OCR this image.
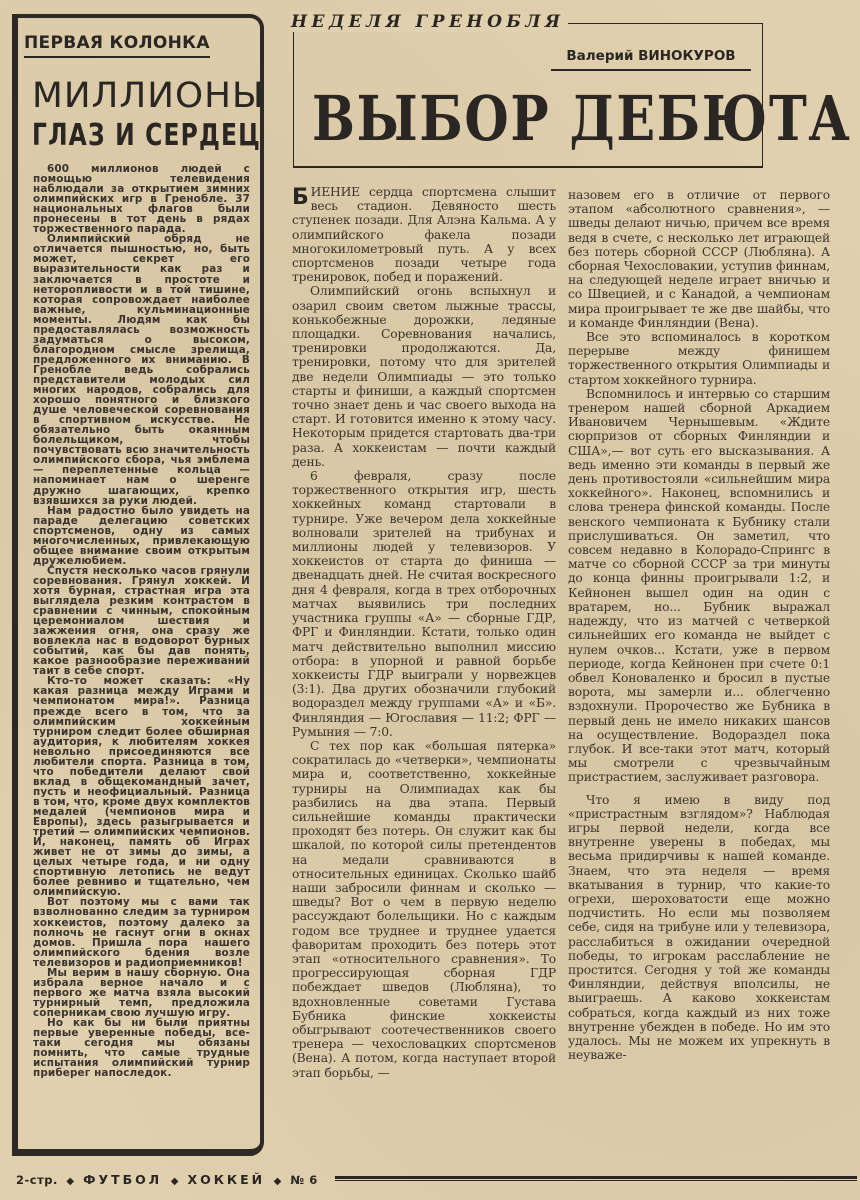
ПЕРВАЯ КОЛОНКА
МИЛЛИОНЫ
ГЛАЗ И СЕРДЕЦ

600 миллионов людей с помощью телевидения наблюдали за открытием зимних олимпийских игр в Гренобле. 37 национальных флагов были пронесены в тот день в рядах торжественного парада.

Олимпийский обряд не отличается пышностью, но, быть может, секрет его выразительности как раз и заключается в простоте и неторопливости и в той тишине, которая сопровождает наиболее важные, кульминационные моменты. Людям как бы предоставлялась возможность задуматься о высоком, благородном смысле зрелища, предложенного их вниманию. В Гренобле ведь собрались представители молодых сил многих народов, собрались для хорошо понятного и близкого душе человеческой соревнования в спортивном искусстве. Не обязательно быть окаянным болельщиком, чтобы почувствовать всю значительность олимпийского сбора, чья эмблема — переплетенные кольца — напоминает нам о шеренге дружно шагающих, крепко взявшихся за руки людей.

Нам радостно было увидеть на параде делегацию советских спортсменов, одну из самых многочисленных, привлекающую общее внимание своим открытым дружелюбием.

Спустя несколько часов грянули соревнования. Грянул хоккей. И хотя бурная, страстная игра эта выглядела резким контрастом в сравнении с чинным, спокойным церемониалом шествия и зажжения огня, она сразу же вовлекла нас в водоворот бурных событий, как бы дав понять, какое разнообразие переживаний таит в себе спорт.

Кто-то может сказать: «Ну какая разница между Играми и чемпионатом мира!». Разница прежде всего в том, что за олимпийским хоккейным турниром следит более обширная аудитория, к любителям хоккея невольно присоединяются все любители спорта. Разница в том, что победители делают свой вклад в общекомандный зачет, пусть и неофициальный. Разница в том, что, кроме двух комплектов медалей (чемпионов мира и Европы), здесь разыгрывается и третий — олимпийских чемпионов. И, наконец, память об Играх живет не от зимы до зимы, а целых четыре года, и ни одну спортивную летопись не ведут более ревниво и тщательно, чем олимпийскую.

Вот поэтому мы с вами так взволнованно следим за турниром хоккеистов, поэтому далеко за полночь не гаснут огни в окнах домов. Пришла пора нашего олимпийского бдения возле телевизоров и радиоприемников!

Мы верим в нашу сборную. Она избрала верное начало и с первого же матча взяла высокий турнирный темп, предложила соперникам свою лучшую игру.

Но как бы ни были приятны первые уверенные победы, все-таки сегодня мы обязаны помнить, что самые трудные испытания олимпийский турнир приберег напоследок.

НЕДЕЛЯ ГРЕНОБЛЯ
Валерий ВИНОКУРОВ
ВЫБОР ДЕБЮТА

БИЕНИЕ сердца спортсмена слышит весь стадион. Девяносто шесть ступенек позади. Для Алэна Кальма. А у олимпийского факела позади многокилометровый путь. А у всех спортсменов позади четыре года тренировок, побед и поражений.

Олимпийский огонь вспыхнул и озарил своим светом лыжные трассы, конькобежные дорожки, ледяные площадки. Соревнования начались, тренировки продолжаются. Да, тренировки, потому что для зрителей две недели Олимпиады — это только старты и финиши, а каждый спортсмен точно знает день и час своего выхода на старт. И готовится именно к этому часу. Некоторым придется стартовать два-три раза. А хоккеистам — почти каждый день.

6 февраля, сразу после торжественного открытия игр, шесть хоккейных команд стартовали в турнире. Уже вечером дела хоккейные волновали зрителей на трибунах и миллионы людей у телевизоров. У хоккеистов от старта до финиша — двенадцать дней. Не считая воскресного дня 4 февраля, когда в трех отборочных матчах выявились три последних участника группы «А» — сборные ГДР, ФРГ и Финляндии. Кстати, только один матч действительно выполнил миссию отбора: в упорной и равной борьбе хоккеисты ГДР выиграли у норвежцев (3:1). Два других обозначили глубокий водораздел между группами «А» и «Б». Финляндия — Югославия — 11:2; ФРГ — Румыния — 7:0.

С тех пор как «большая пятерка» сократилась до «четверки», чемпионаты мира и, соответственно, хоккейные турниры на Олимпиадах как бы разбились на два этапа. Первый сильнейшие команды практически проходят без потерь. Он служит как бы шкалой, по которой силы претендентов на медали сравниваются в относительных единицах. Сколько шайб наши забросили финнам и сколько — шведы? Вот о чем в первую неделю рассуждают болельщики. Но с каждым годом все труднее и труднее удается фаворитам проходить без потерь этот этап «относительного сравнения». То прогрессирующая сборная ГДР побеждает шведов (Любляна), то вдохновленные советами Густава Бубника финские хоккеисты обыгрывают соотечественников своего тренера — чехословацких спортсменов (Вена). А потом, когда наступает второй этап борьбы, —

назовем его в отличие от первого этапом «абсолютного сравнения», — шведы делают ничью, причем все время ведя в счете, с несколько лет играющей без потерь сборной СССР (Любляна). А сборная Чехословакии, уступив финнам, на следующей неделе играет вничью и со Швецией, и с Канадой, а чемпионам мира проигрывает те же две шайбы, что и команде Финляндии (Вена).

Все это вспоминалось в коротком перерыве между финишем торжественного открытия Олимпиады и стартом хоккейного турнира.

Вспомнилось и интервью со старшим тренером нашей сборной Аркадием Ивановичем Чернышевым. «Ждите сюрпризов от сборных Финляндии и США»,— вот суть его высказывания. А ведь именно эти команды в первый же день противостояли «сильнейшим мира хоккейного». Наконец, вспомнились и слова тренера финской команды. После венского чемпионата к Бубнику стали прислушиваться. Он заметил, что совсем недавно в Колорадо-Спрингс в матче со сборной СССР за три минуты до конца финны проигрывали 1:2, и Кейнонен вышел один на один с вратарем, но... Бубник выражал надежду, что из матчей с четверкой сильнейших его команда не выйдет с нулем очков... Кстати, уже в первом периоде, когда Кейнонен при счете 0:1 обвел Коноваленко и бросил в пустые ворота, мы замерли и... облегченно вздохнули. Пророчество же Бубника в первый день не имело никаких шансов на осуществление. Водораздел пока глубок. И все-таки этот матч, который мы смотрели с чрезвычайным пристрастием, заслуживает разговора.

Что я имею в виду под «пристрастным взглядом»? Наблюдая игры первой недели, когда все внутренне уверены в победах, мы весьма придирчивы к нашей команде. Знаем, что эта неделя — время вкатывания в турнир, что какие-то огрехи, шероховатости еще можно подчистить. Но если мы позволяем себе, сидя на трибуне или у телевизора, расслабиться в ожидании очередной победы, то игрокам расслабление не простится. Сегодня у той же команды Финляндии, действуя вполсилы, не выиграешь. А каково хоккеистам собраться, когда каждый из них тоже внутренне убежден в победе. Но им это удалось. Мы не можем их упрекнуть в неуваже-

2-стр. ◆ ФУТБОЛ ◆ ХОККЕЙ ◆ № 6
